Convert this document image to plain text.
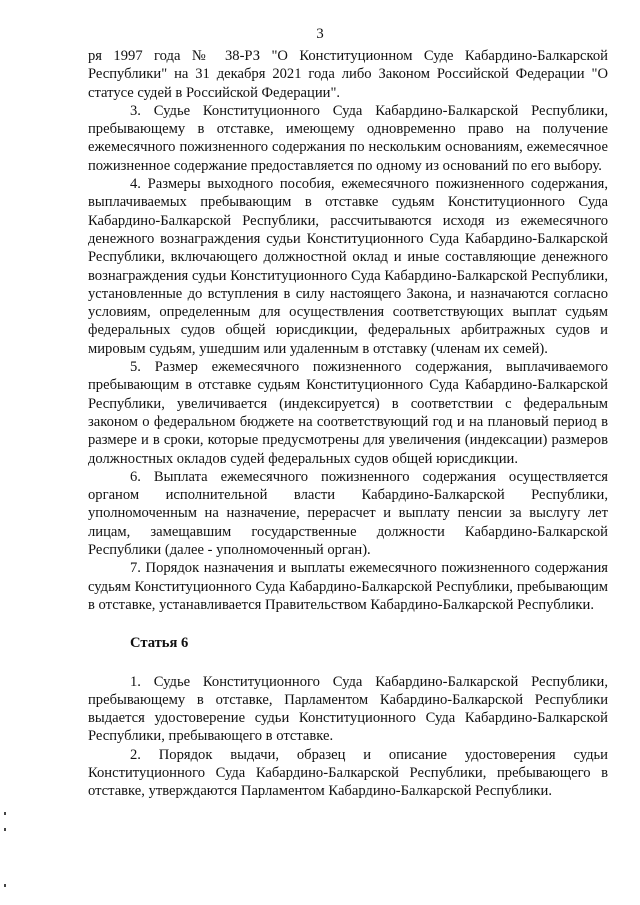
3

ря 1997 года № 38-РЗ "О Конституционном Суде Кабардино-Балкарской Республики" на 31 декабря 2021 года либо Законом Российской Федерации "О статусе судей в Российской Федерации".

3. Судье Конституционного Суда Кабардино-Балкарской Республики, пребывающему в отставке, имеющему одновременно право на получение ежемесячного пожизненного содержания по нескольким основаниям, ежемесячное пожизненное содержание предоставляется по одному из оснований по его выбору.

4. Размеры выходного пособия, ежемесячного пожизненного содержания, выплачиваемых пребывающим в отставке судьям Конституционного Суда Кабардино-Балкарской Республики, рассчитываются исходя из ежемесячного денежного вознаграждения судьи Конституционного Суда Кабардино-Балкарской Республики, включающего должностной оклад и иные составляющие денежного вознаграждения судьи Конституционного Суда Кабардино-Балкарской Республики, установленные до вступления в силу настоящего Закона, и назначаются согласно условиям, определенным для осуществления соответствующих выплат судьям федеральных судов общей юрисдикции, федеральных арбитражных судов и мировым судьям, ушедшим или удаленным в отставку (членам их семей).

5. Размер ежемесячного пожизненного содержания, выплачиваемого пребывающим в отставке судьям Конституционного Суда Кабардино-Балкарской Республики, увеличивается (индексируется) в соответствии с федеральным законом о федеральном бюджете на соответствующий год и на плановый период в размере и в сроки, которые предусмотрены для увеличения (индексации) размеров должностных окладов судей федеральных судов общей юрисдикции.

6. Выплата ежемесячного пожизненного содержания осуществляется органом исполнительной власти Кабардино-Балкарской Республики, уполномоченным на назначение, перерасчет и выплату пенсии за выслугу лет лицам, замещавшим государственные должности Кабардино-Балкарской Республики (далее - уполномоченный орган).

7. Порядок назначения и выплаты ежемесячного пожизненного содержания судьям Конституционного Суда Кабардино-Балкарской Республики, пребывающим в отставке, устанавливается Правительством Кабардино-Балкарской Республики.

Статья 6

1. Судье Конституционного Суда Кабардино-Балкарской Республики, пребывающему в отставке, Парламентом Кабардино-Балкарской Республики выдается удостоверение судьи Конституционного Суда Кабардино-Балкарской Республики, пребывающего в отставке.

2. Порядок выдачи, образец и описание удостоверения судьи Конституционного Суда Кабардино-Балкарской Республики, пребывающего в отставке, утверждаются Парламентом Кабардино-Балкарской Республики.
